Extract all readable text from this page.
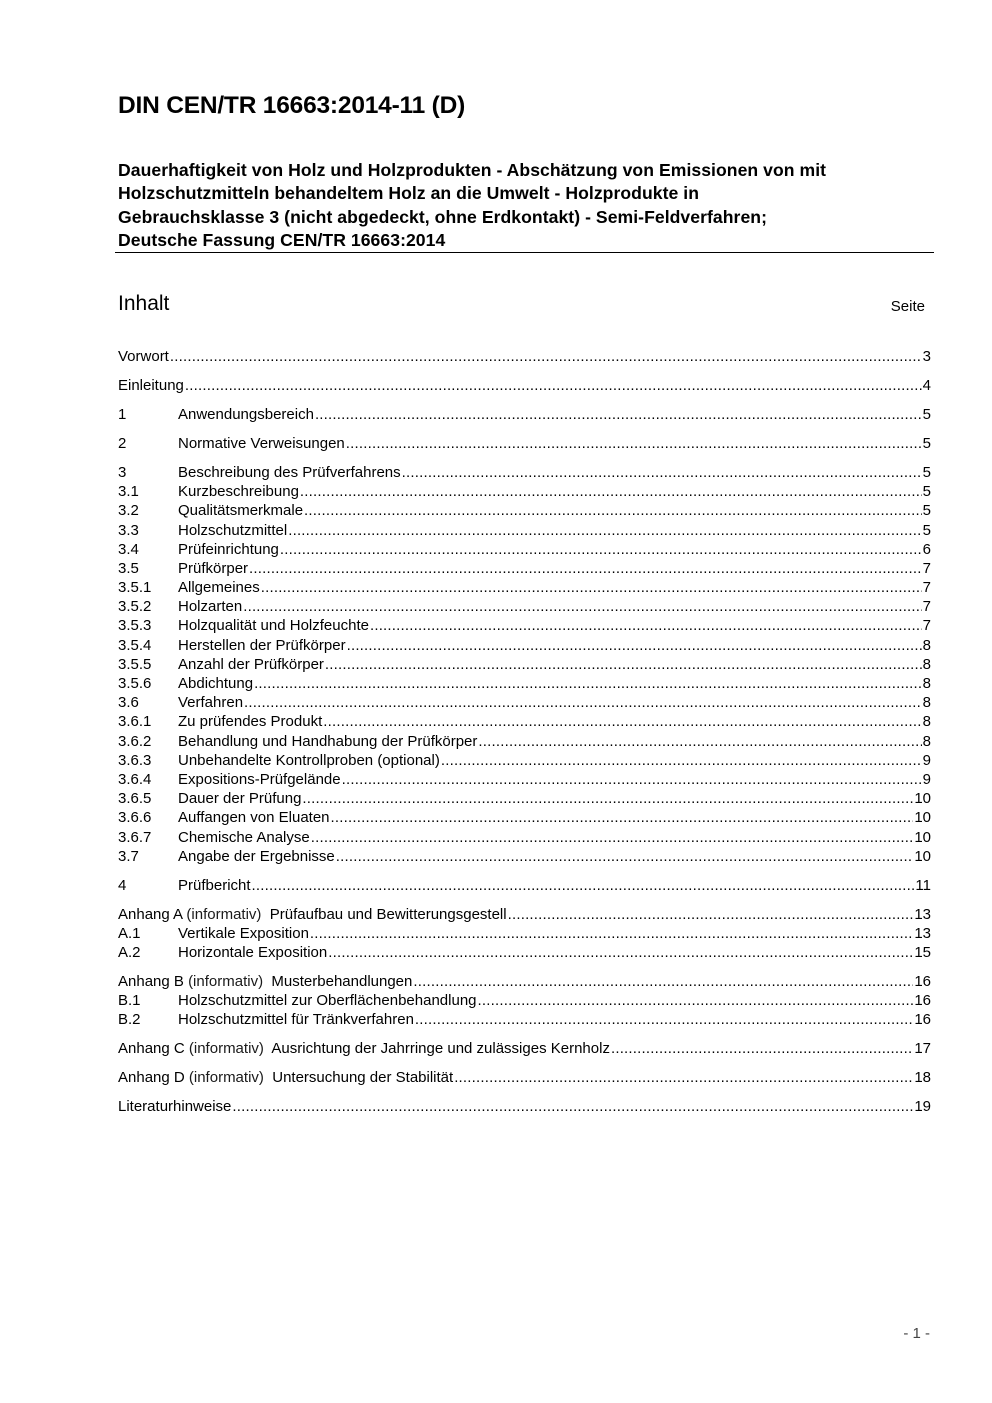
DIN CEN/TR 16663:2014-11 (D)
Dauerhaftigkeit von Holz und Holzprodukten - Abschätzung von Emissionen von mit
Holzschutzmitteln behandeltem Holz an die Umwelt - Holzprodukte in
Gebrauchsklasse 3 (nicht abgedeckt, ohne Erdkontakt) - Semi-Feldverfahren;
Deutsche Fassung CEN/TR 16663:2014
Inhalt	Seite
Vorwort .....	3
Einleitung .....	4
1	Anwendungsbereich .....	5
2	Normative Verweisungen .....	5
3	Beschreibung des Prüfverfahrens .....	5
3.1	Kurzbeschreibung .....	5
3.2	Qualitätsmerkmale .....	5
3.3	Holzschutzmittel .....	5
3.4	Prüfeinrichtung .....	6
3.5	Prüfkörper .....	7
3.5.1	Allgemeines .....	7
3.5.2	Holzarten .....	7
3.5.3	Holzqualität und Holzfeuchte .....	7
3.5.4	Herstellen der Prüfkörper .....	8
3.5.5	Anzahl der Prüfkörper .....	8
3.5.6	Abdichtung .....	8
3.6	Verfahren .....	8
3.6.1	Zu prüfendes Produkt .....	8
3.6.2	Behandlung und Handhabung der Prüfkörper .....	8
3.6.3	Unbehandelte Kontrollproben (optional) .....	9
3.6.4	Expositions-Prüfgelände .....	9
3.6.5	Dauer der Prüfung .....	10
3.6.6	Auffangen von Eluaten .....	10
3.6.7	Chemische Analyse .....	10
3.7	Angabe der Ergebnisse .....	10
4	Prüfbericht .....	11
Anhang A (informativ) Prüfaufbau und Bewitterungsgestell .....	13
A.1	Vertikale Exposition .....	13
A.2	Horizontale Exposition .....	15
Anhang B (informativ) Musterbehandlungen .....	16
B.1	Holzschutzmittel zur Oberflächenbehandlung .....	16
B.2	Holzschutzmittel für Tränkverfahren .....	16
Anhang C (informativ) Ausrichtung der Jahrringe und zulässiges Kernholz .....	17
Anhang D (informativ) Untersuchung der Stabilität .....	18
Literaturhinweise .....	19
- 1 -
